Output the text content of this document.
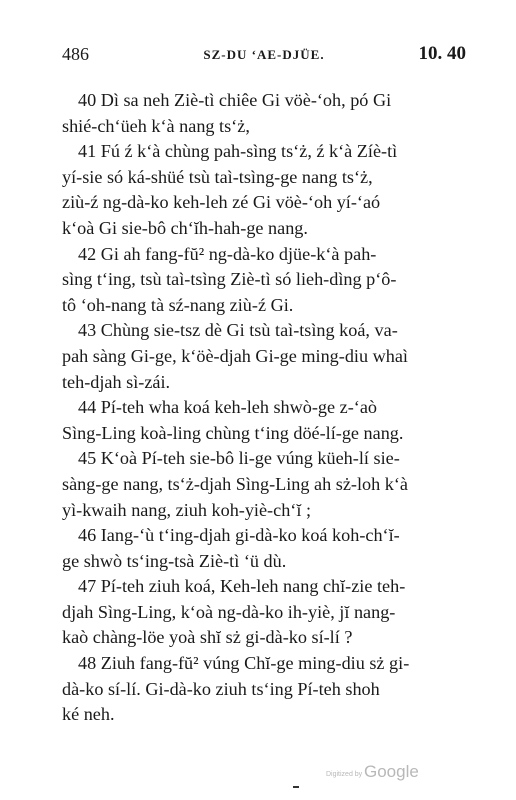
486	SZ-DU ‘AE-DJÜE.	10. 40
40 Dì sa neh Ziè-tì chiêe Gi vöè-‘oh, pó Gi
shié-ch‘üeh k‘à nang ts‘ż,
41 Fú ź k‘à chùng pah-sìng ts‘ż, ź k‘à Zíè-tì
yí-sie só ká-shüé tsù taì-tsìng-ge nang ts‘ż,
ziù-ź ng-dà-ko keh-leh zé Gi vöè-‘oh yí-‘aó
k‘oà Gi sie-bô ch‘ĭh-hah-ge nang.
42 Gi ah fang-fŭ² ng-dà-ko djüe-k‘à pah-
sìng t‘ing, tsù taì-tsìng Ziè-tì só lieh-dìng p‘ô-
tô ‘oh-nang tà sź-nang ziù-ź Gi.
43 Chùng sie-tsz dè Gi tsù taì-tsìng koá, va-
pah sàng Gi-ge, k‘öè-djah Gi-ge ming-diu whaì
teh-djah sì-zái.
44 Pí-teh wha koá keh-leh shwò-ge z-‘aò
Sìng-Ling koà-ling chùng t‘ing döé-lí-ge nang.
45 K‘oà Pí-teh sie-bô li-ge vúng küeh-lí sie-
sàng-ge nang, ts‘ż-djah Sìng-Ling ah sż-loh k‘à
yì-kwaih nang, ziuh koh-yiè-ch‘ĭ ;
46 Iang-‘ù t‘ing-djah gi-dà-ko koá koh-ch‘ĭ-
ge shwò ts‘ing-tsà Ziè-tì ‘ü dù.
47 Pí-teh ziuh koá, Keh-leh nang chĭ-zie teh-
djah Sìng-Ling, k‘oà ng-dà-ko ih-yiè, jĭ nang-
kaò chàng-löe yoà shĭ sż gi-dà-ko sí-lí ?
48 Ziuh fang-fŭ² vúng Chĭ-ge ming-diu sż gi-
dà-ko sí-lí. Gi-dà-ko ziuh ts‘ing Pí-teh shoh
ké neh.
Digitized by Google
